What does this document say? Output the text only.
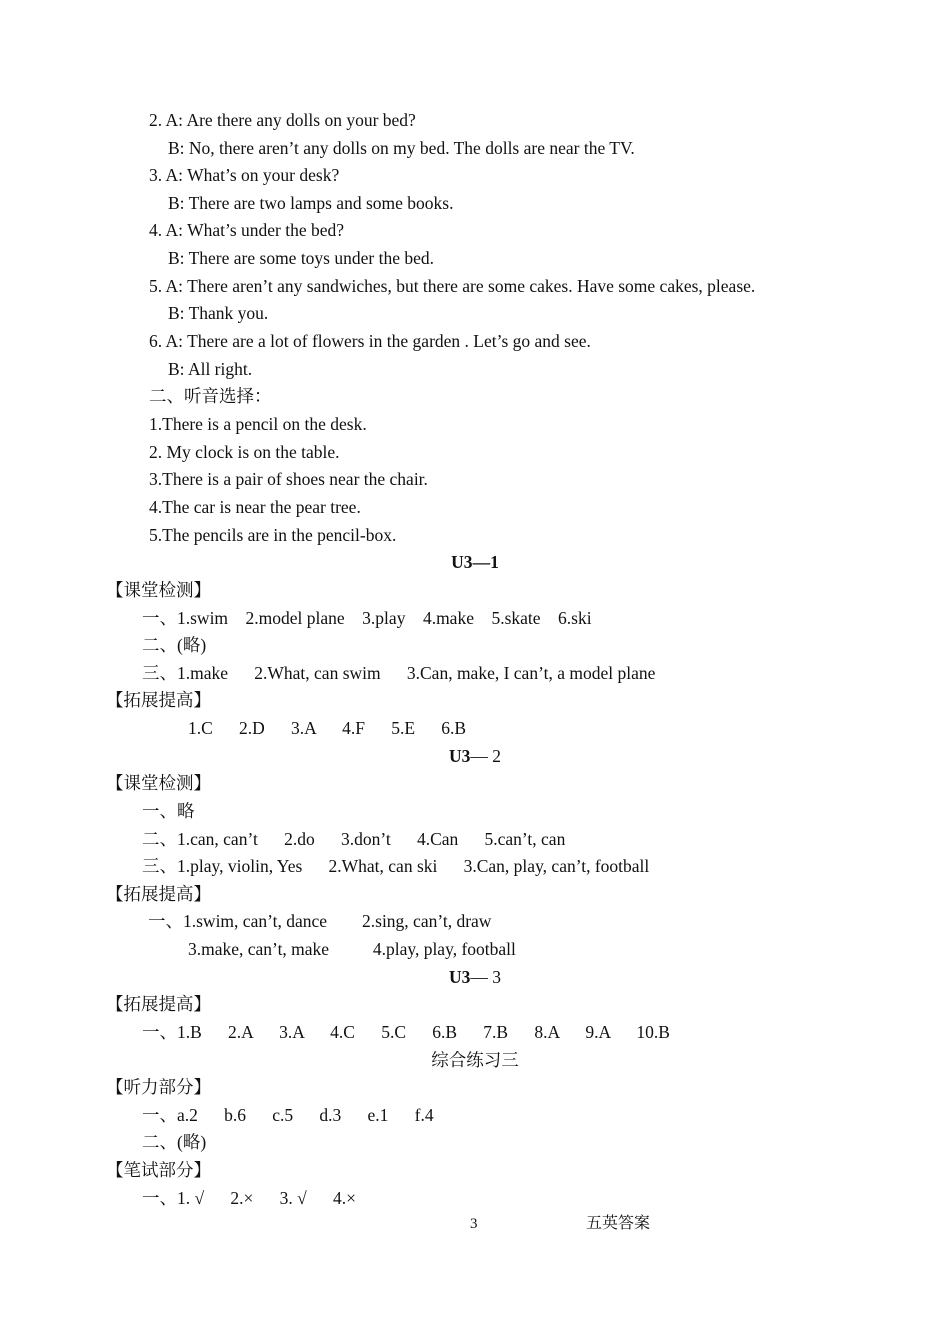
2. A: Are there any dolls on your bed?
B: No, there aren’t any dolls on my bed. The dolls are near the TV.
3. A: What’s on your desk?
B: There are two lamps and some books.
4. A: What’s under the bed?
B: There are some toys under the bed.
5. A: There aren’t any sandwiches, but there are some cakes. Have some cakes, please.
B: Thank you.
6. A: There are a lot of flowers in the garden . Let’s go and see.
B: All right.
二、听音选择：
1.There is a pencil on the desk.
2. My clock is on the table.
3.There is a pair of shoes near the chair.
4.The car is near the pear tree.
5.The pencils are in the pencil-box.
U3—1
【课堂检测】
一、1.swim    2.model plane    3.play    4.make    5.skate    6.ski
二、(略)
三、1.make      2.What, can swim      3.Can, make, I can’t, a model plane
【拓展提高】
1.C      2.D      3.A      4.F      5.E      6.B
U3— 2
【课堂检测】
一、略
二、1.can, can’t      2.do      3.don’t      4.Can      5.can’t, can
三、1.play, violin, Yes      2.What, can ski      3.Can, play, can’t, football
【拓展提高】
一、1.swim, can’t, dance        2.sing, can’t, draw
3.make, can’t, make          4.play, play, football
U3— 3
【拓展提高】
一、1.B      2.A      3.A      4.C      5.C      6.B      7.B      8.A      9.A      10.B
综合练习三
【听力部分】
一、a.2      b.6      c.5      d.3      e.1      f.4
二、(略)
【笔试部分】
一、1. √      2.×      3. √      4.×
3	五英答案
